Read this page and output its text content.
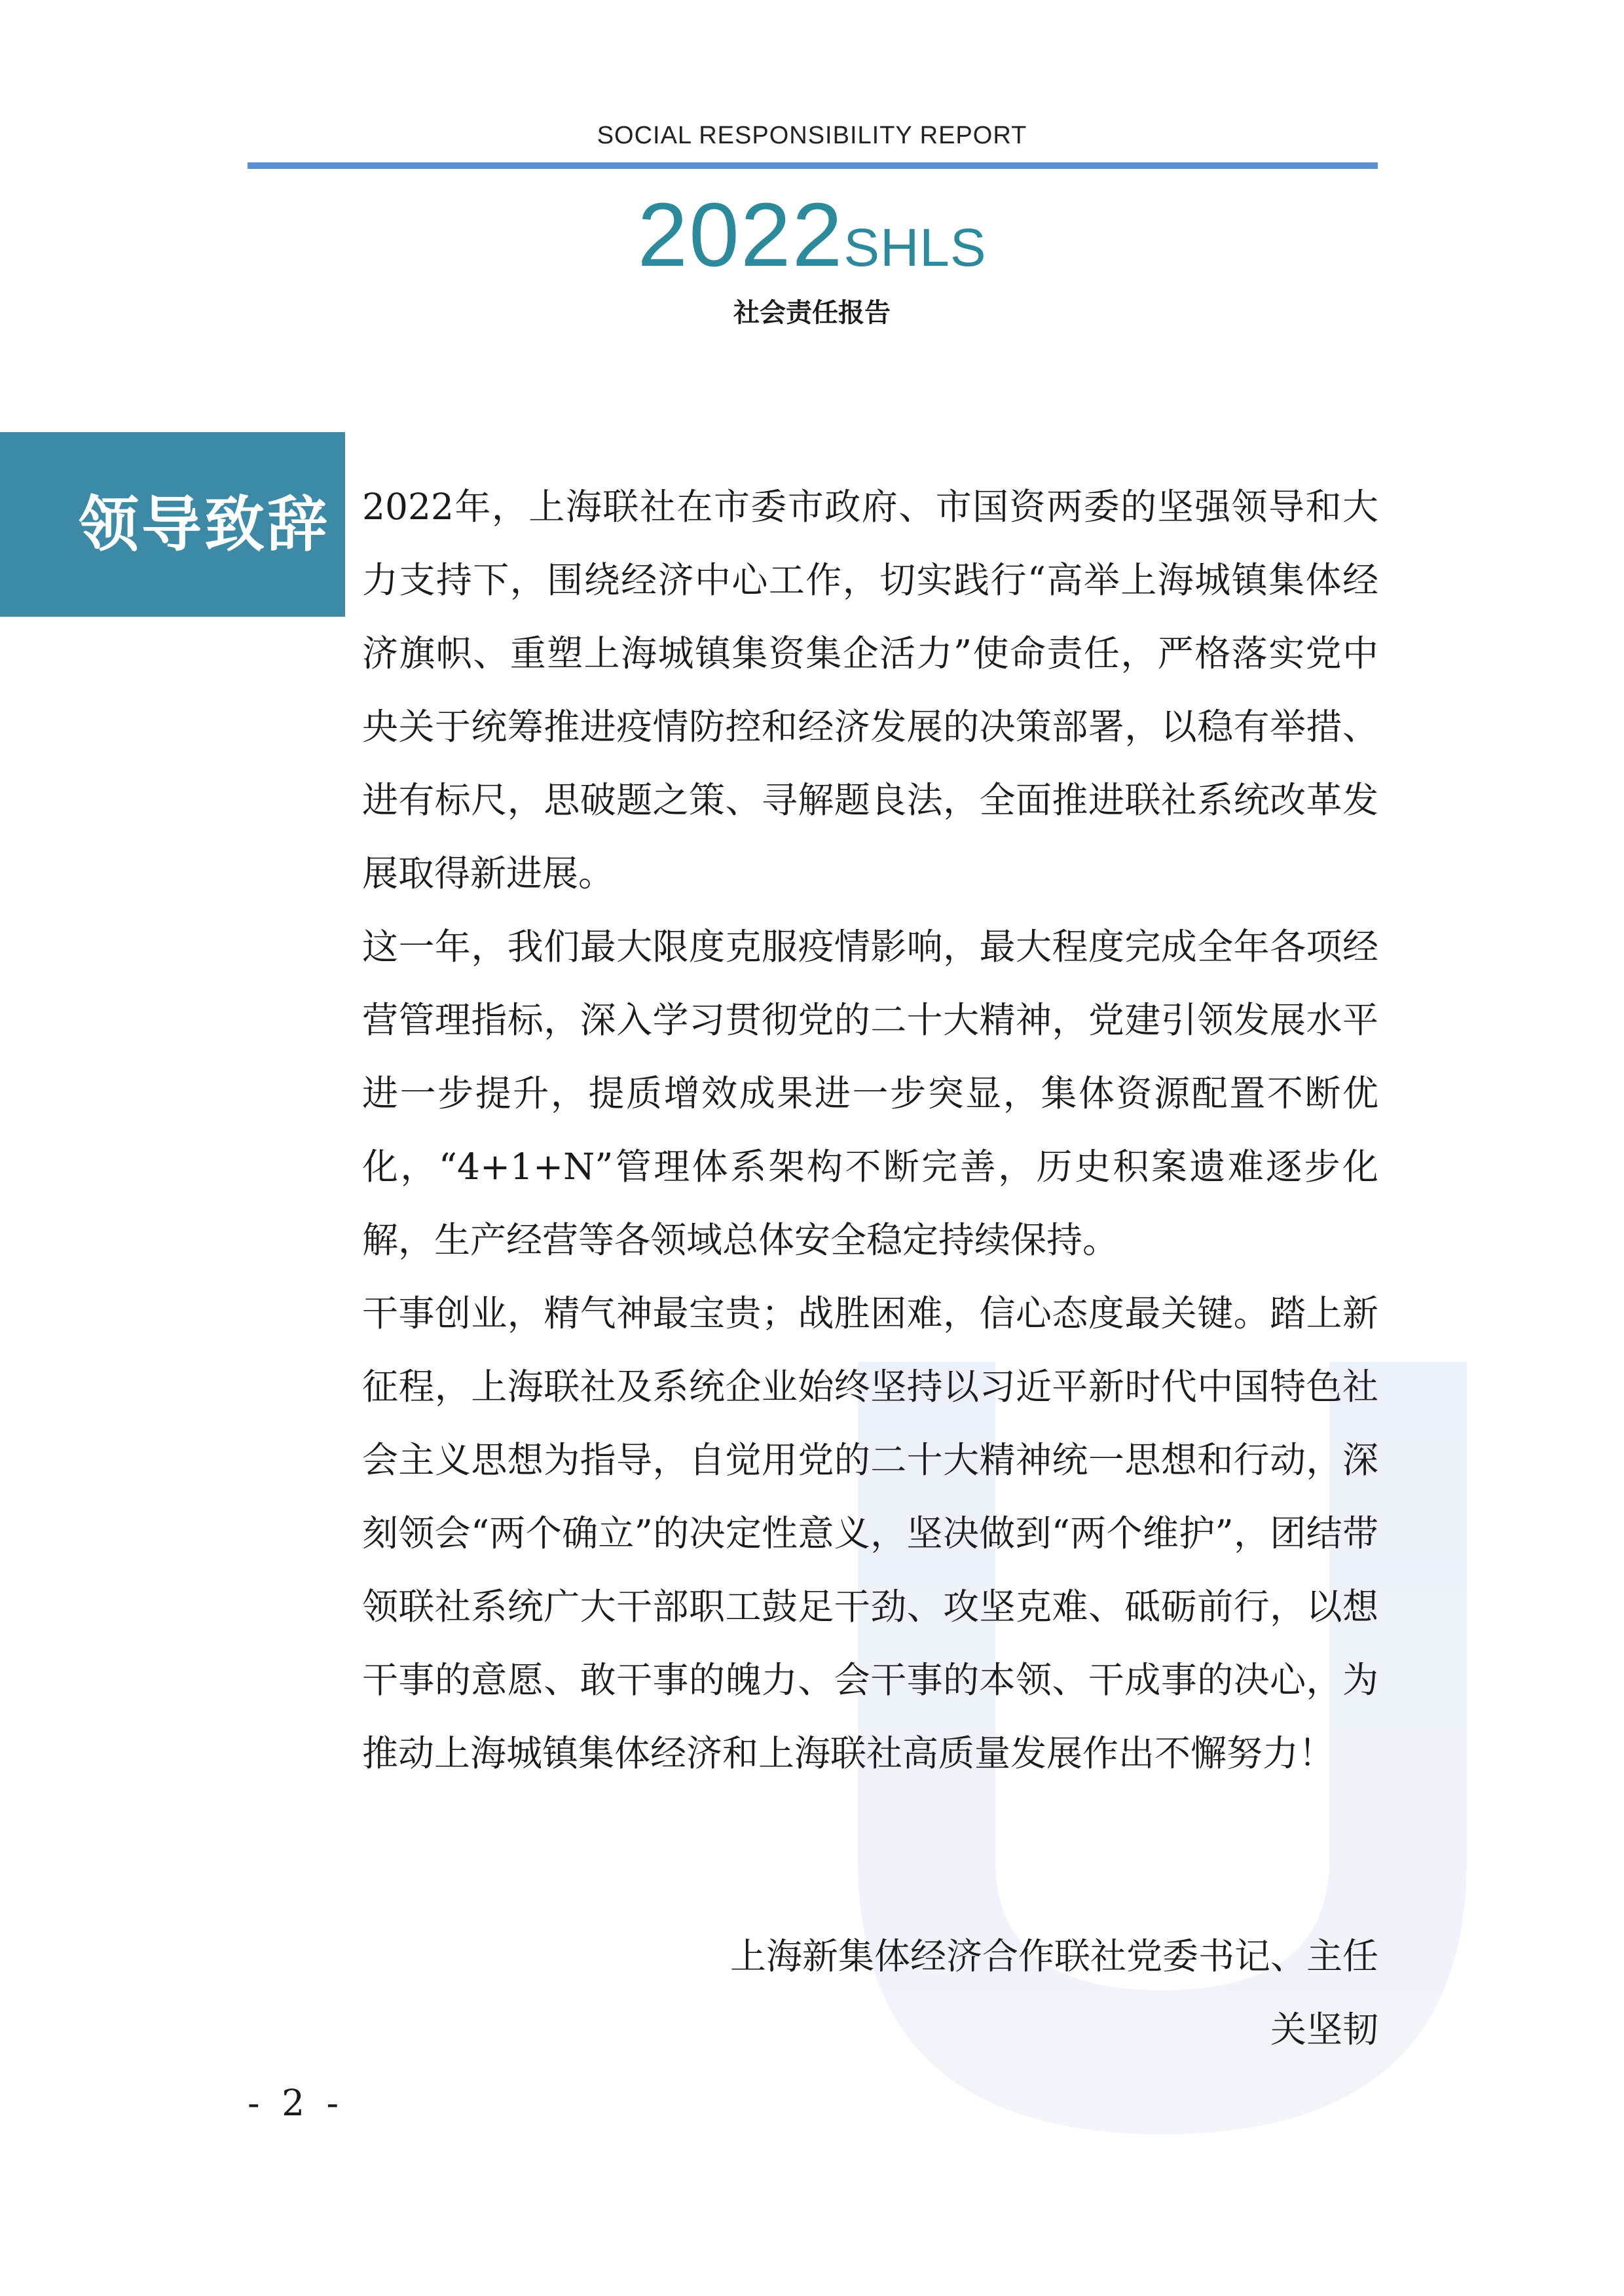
SOCIAL RESPONSIBILITY REPORT
2022SHLS
社会责任报告
领导致辞 2022年，上海联社在市委市政府、市国资两委的坚强领导和大力支持下，围绕经济中心工作，切实践行“高举上海城镇集体经济旗帜、重塑上海城镇集资集企活力”使命责任，严格落实党中央关于统筹推进疫情防控和经济发展的决策部署，以稳有举措、进有标尺，思破题之策、寻解题良法，全面推进联社系统改革发展取得新进展。

这一年，我们最大限度克服疫情影响，最大程度完成全年各项经营管理指标，深入学习贯彻党的二十大精神，党建引领发展水平进一步提升，提质增效成果进一步突显，集体资源配置不断优化，“4+1+N”管理体系架构不断完善，历史积案遗难逐步化解，生产经营等各领域总体安全稳定持续保持。

干事创业，精气神最宝贵；战胜困难，信心态度最关键。踏上新征程，上海联社及系统企业始终坚持以习近平新时代中国特色社会主义思想为指导，自觉用党的二十大精神统一思想和行动，深刻领会“两个确立”的决定性意义，坚决做到“两个维护”，团结带领联社系统广大干部职工鼓足干劲、攻坚克难、砥砺前行，以想干事的意愿、敢干事的魄力、会干事的本领、干成事的决心，为推动上海城镇集体经济和上海联社高质量发展作出不懈努力！

上海新集体经济合作联社党委书记、主任
关坚韧
- 2 -
